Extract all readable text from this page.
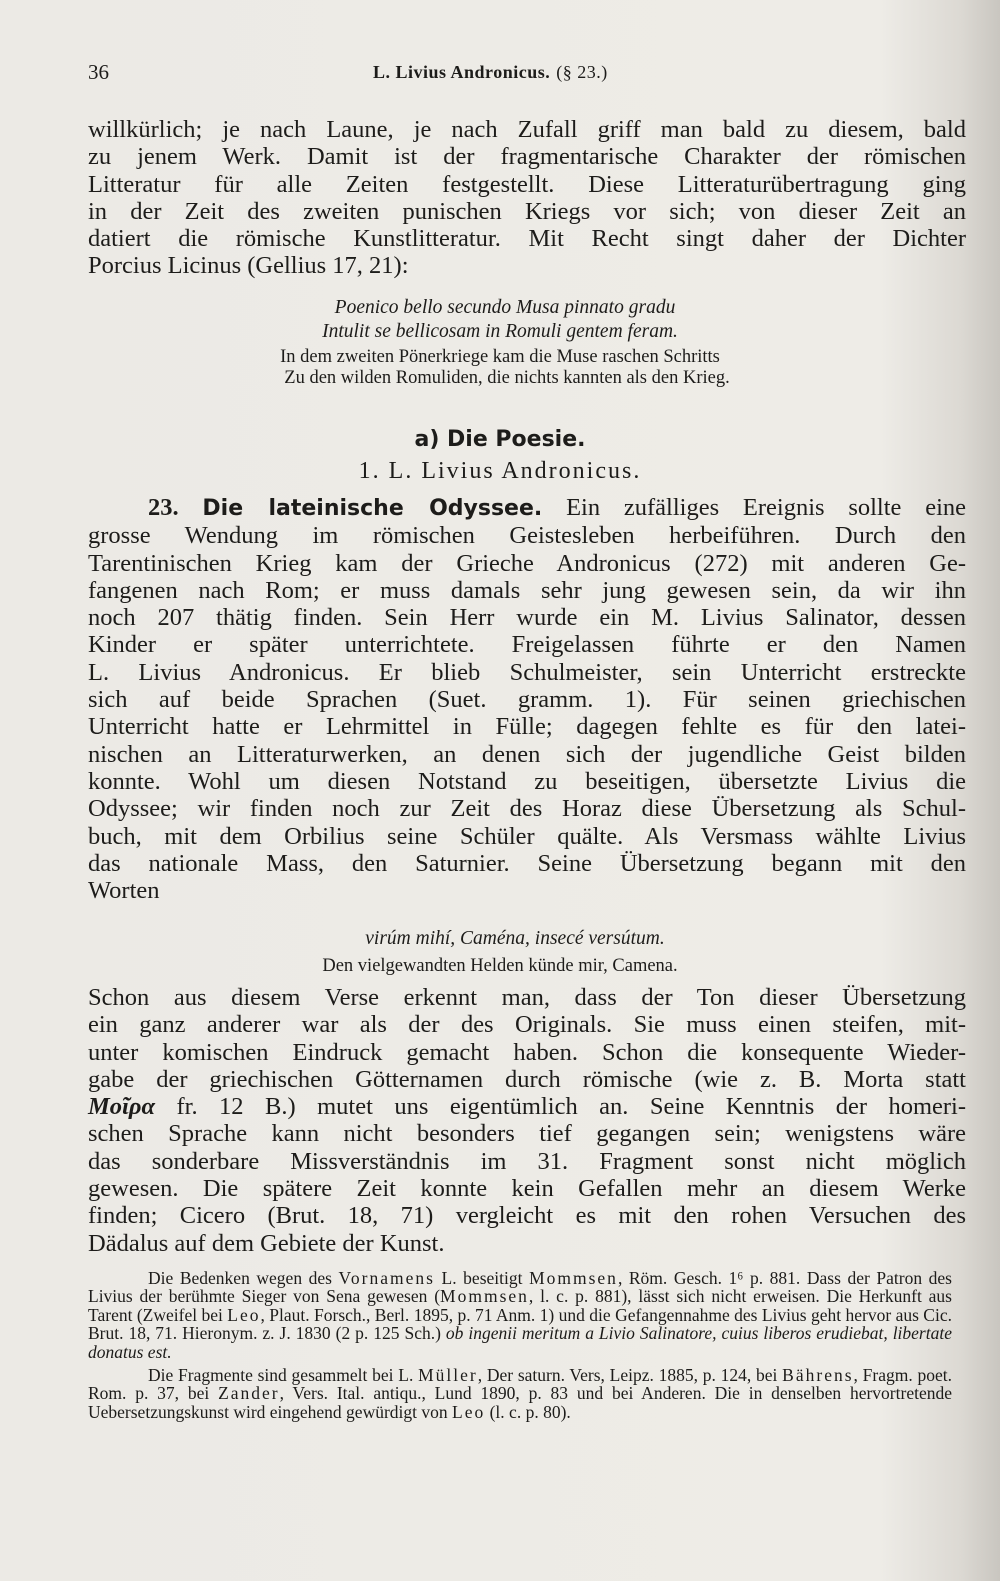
36	L. Livius Andronicus. (§ 23.)

willkürlich; je nach Laune, je nach Zufall griff man bald zu diesem, bald

zu jenem Werk. Damit ist der fragmentarische Charakter der römischen

Litteratur für alle Zeiten festgestellt. Diese Litteraturübertragung ging

in der Zeit des zweiten punischen Kriegs vor sich; von dieser Zeit an

datiert die römische Kunstlitteratur. Mit Recht singt daher der Dichter

Porcius Licinus (Gellius 17, 21):

Poenico bello secundo Musa pinnato gradu
Intulit se bellicosam in Romuli gentem feram.
In dem zweiten Pönerkriege kam die Muse raschen Schritts
Zu den wilden Romuliden, die nichts kannten als den Krieg.
a) Die Poesie.
1. L. Livius Andronicus.

23. Die lateinische Odyssee. Ein zufälliges Ereignis sollte eine

grosse Wendung im römischen Geistesleben herbeiführen. Durch den

Tarentinischen Krieg kam der Grieche Andronicus (272) mit anderen Ge-

fangenen nach Rom; er muss damals sehr jung gewesen sein, da wir ihn

noch 207 thätig finden. Sein Herr wurde ein M. Livius Salinator, dessen

Kinder er später unterrichtete. Freigelassen führte er den Namen

L. Livius Andronicus. Er blieb Schulmeister, sein Unterricht erstreckte

sich auf beide Sprachen (Suet. gramm. 1). Für seinen griechischen

Unterricht hatte er Lehrmittel in Fülle; dagegen fehlte es für den latei-

nischen an Litteraturwerken, an denen sich der jugendliche Geist bilden

konnte. Wohl um diesen Notstand zu beseitigen, übersetzte Livius die

Odyssee; wir finden noch zur Zeit des Horaz diese Übersetzung als Schul-

buch, mit dem Orbilius seine Schüler quälte. Als Versmass wählte Livius

das nationale Mass, den Saturnier. Seine Übersetzung begann mit den

Worten

virúm mihí, Caména, insecé versútum.
Den vielgewandten Helden künde mir, Camena.

Schon aus diesem Verse erkennt man, dass der Ton dieser Übersetzung

ein ganz anderer war als der des Originals. Sie muss einen steifen, mit-

unter komischen Eindruck gemacht haben. Schon die konsequente Wieder-

gabe der griechischen Götternamen durch römische (wie z. B. Morta statt

Μοῖρα fr. 12 B.) mutet uns eigentümlich an. Seine Kenntnis der homeri-

schen Sprache kann nicht besonders tief gegangen sein; wenigstens wäre

das sonderbare Missverständnis im 31. Fragment sonst nicht möglich

gewesen. Die spätere Zeit konnte kein Gefallen mehr an diesem Werke

finden; Cicero (Brut. 18, 71) vergleicht es mit den rohen Versuchen des

Dädalus auf dem Gebiete der Kunst.

Die Bedenken wegen des Vornamens L. beseitigt Mommsen, Röm. Gesch. 1⁶ p. 881. Dass der Patron des Livius der berühmte Sieger von Sena gewesen (Mommsen, l. c. p. 881), lässt sich nicht erweisen. Die Herkunft aus Tarent (Zweifel bei Leo, Plaut. Forsch., Berl. 1895, p. 71 Anm. 1) und die Gefangennahme des Livius geht hervor aus Cic. Brut. 18, 71. Hieronym. z. J. 1830 (2 p. 125 Sch.) ob ingenii meritum a Livio Salinatore, cuius liberos erudiebat, libertate donatus est.

Die Fragmente sind gesammelt bei L. Müller, Der saturn. Vers, Leipz. 1885, p. 124, bei Bährens, Fragm. poet. Rom. p. 37, bei Zander, Vers. Ital. antiqu., Lund 1890, p. 83 und bei Anderen. Die in denselben hervortretende Uebersetzungskunst wird eingehend gewürdigt von Leo (l. c. p. 80).
